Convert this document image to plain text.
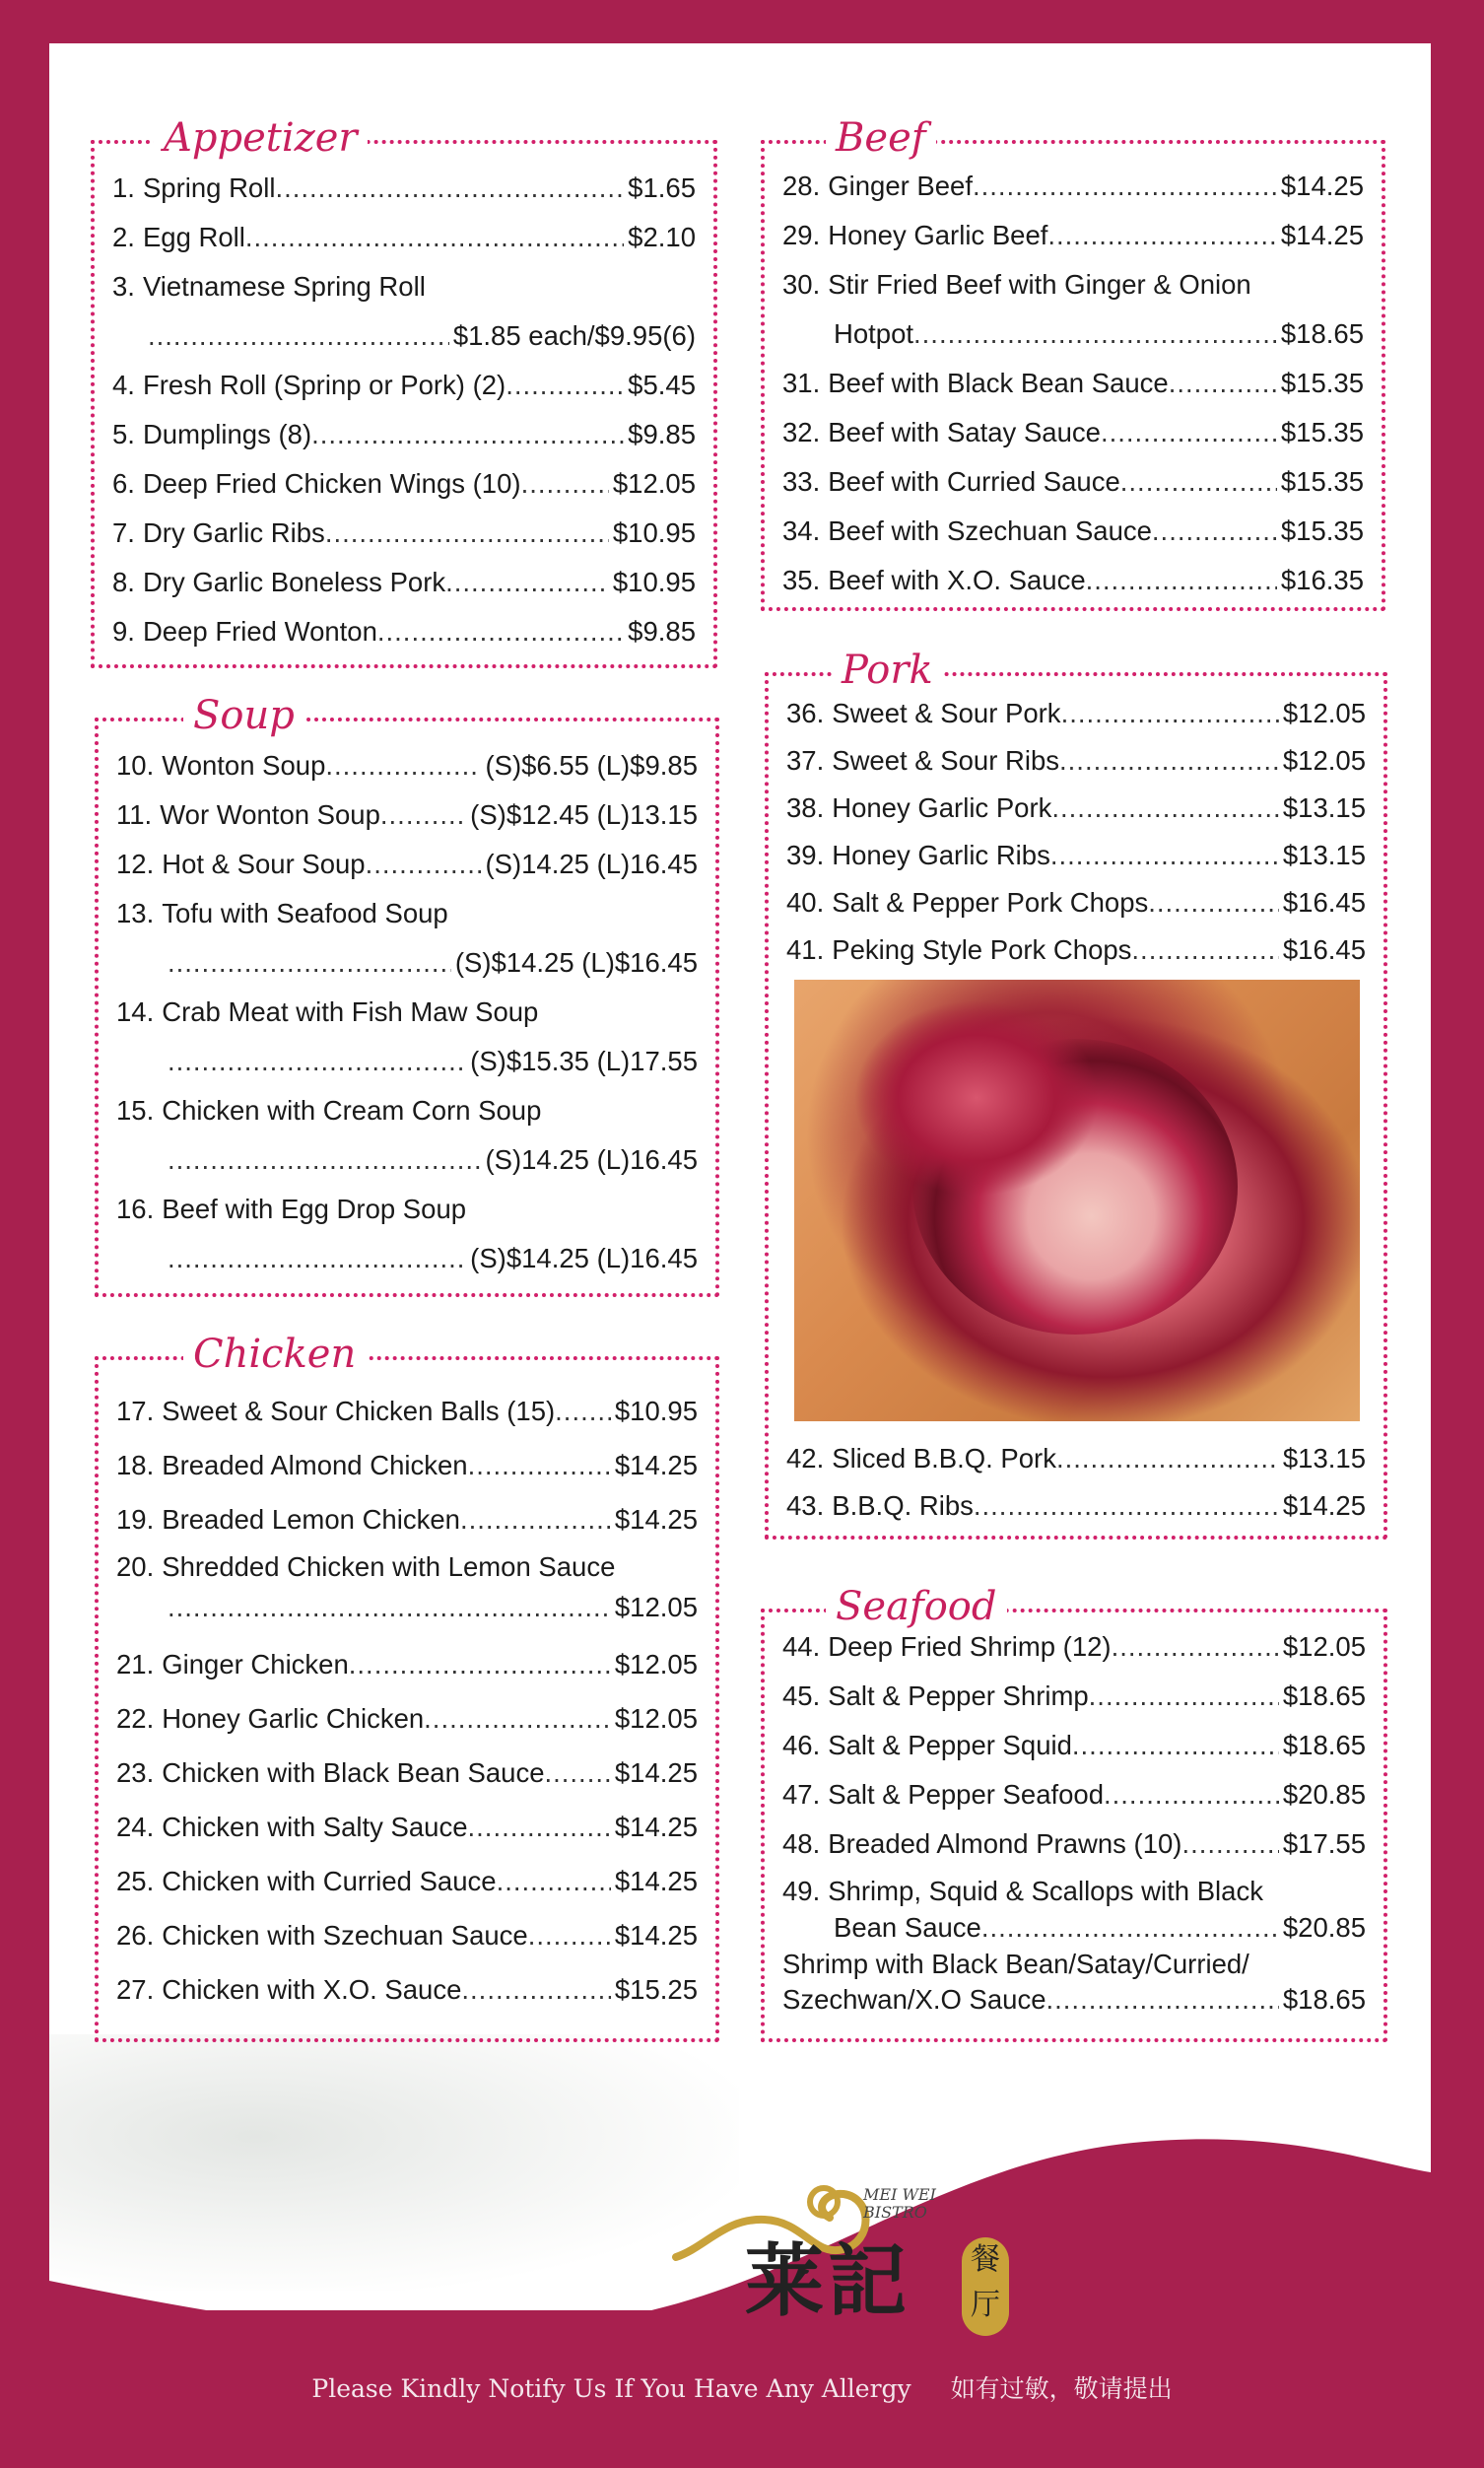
Appetizer
1. Spring Roll .....	$1.65
2. Egg Roll .....	$2.10
3. Vietnamese Spring Roll
.....
$1.85 each/$9.95(6)
4. Fresh Roll (Sprinp or Pork) (2) .....	$5.45
5. Dumplings (8) .....	$9.85
6. Deep Fried Chicken Wings (10) .....	$12.05
7. Dry Garlic Ribs .....	$10.95
8. Dry Garlic Boneless Pork .....	$10.95
9. Deep Fried Wonton .....	$9.85
Soup
10. Wonton Soup .....	(S)$6.55 (L)$9.85
11. Wor Wonton Soup .....	(S)$12.45 (L)13.15
12. Hot & Sour Soup .....	(S)14.25 (L)16.45
13. Tofu with Seafood Soup
.....
(S)$14.25 (L)$16.45
14. Crab Meat with Fish Maw Soup
.....
(S)$15.35 (L)17.55
15. Chicken with Cream Corn Soup
.....
(S)14.25 (L)16.45
16. Beef with Egg Drop Soup
.....
(S)$14.25 (L)16.45
Chicken
17. Sweet & Sour Chicken Balls (15) ..... $10.95
18. Breaded Almond Chicken .....	$14.25
19. Breaded Lemon Chicken .....	$14.25
20. Shredded Chicken with Lemon Sauce
.....
$12.05
21. Ginger Chicken .....	$12.05
22. Honey Garlic Chicken .....	$12.05
23. Chicken with Black Bean Sauce .....	$14.25
24. Chicken with Salty Sauce .....	$14.25
25. Chicken with Curried Sauce .....	$14.25
26. Chicken with Szechuan Sauce .....	$14.25
27. Chicken with X.O. Sauce .....	$15.25
Beef
28. Ginger Beef .....	$14.25
29. Honey Garlic Beef .....	$14.25
30. Stir Fried Beef with Ginger & Onion
Hotpot .....	$18.65
31. Beef with Black Bean Sauce .....	$15.35
32. Beef with Satay Sauce .....	$15.35
33. Beef with Curried Sauce .....	$15.35
34. Beef with Szechuan Sauce .....	$15.35
35. Beef with X.O. Sauce .....	$16.35
Pork
36. Sweet & Sour Pork .....	$12.05
37. Sweet & Sour Ribs .....	$12.05
38. Honey Garlic Pork .....	$13.15
39. Honey Garlic Ribs .....	$13.15
40. Salt & Pepper Pork Chops .....	$16.45
41. Peking Style Pork Chops .....	$16.45
42. Sliced B.B.Q. Pork .....	$13.15
43. B.B.Q. Ribs .....	$14.25
Seafood
44. Deep Fried Shrimp (12) .....	$12.05
45. Salt & Pepper Shrimp .....	$18.65
46. Salt & Pepper Squid .....	$18.65
47. Salt & Pepper Seafood .....	$20.85
48. Breaded Almond Prawns (10) .....	$17.55
49. Shrimp, Squid & Scallops with Black
Bean Sauce .....	$20.85
Shrimp with Black Bean/Satay/Curried/
Szechwan/X.O Sauce .....	$18.65
MEI WEI
BISTRO
莱記	餐
厅
Please Kindly Notify Us If You Have Any Allergy 如有过敏，敬请提出
